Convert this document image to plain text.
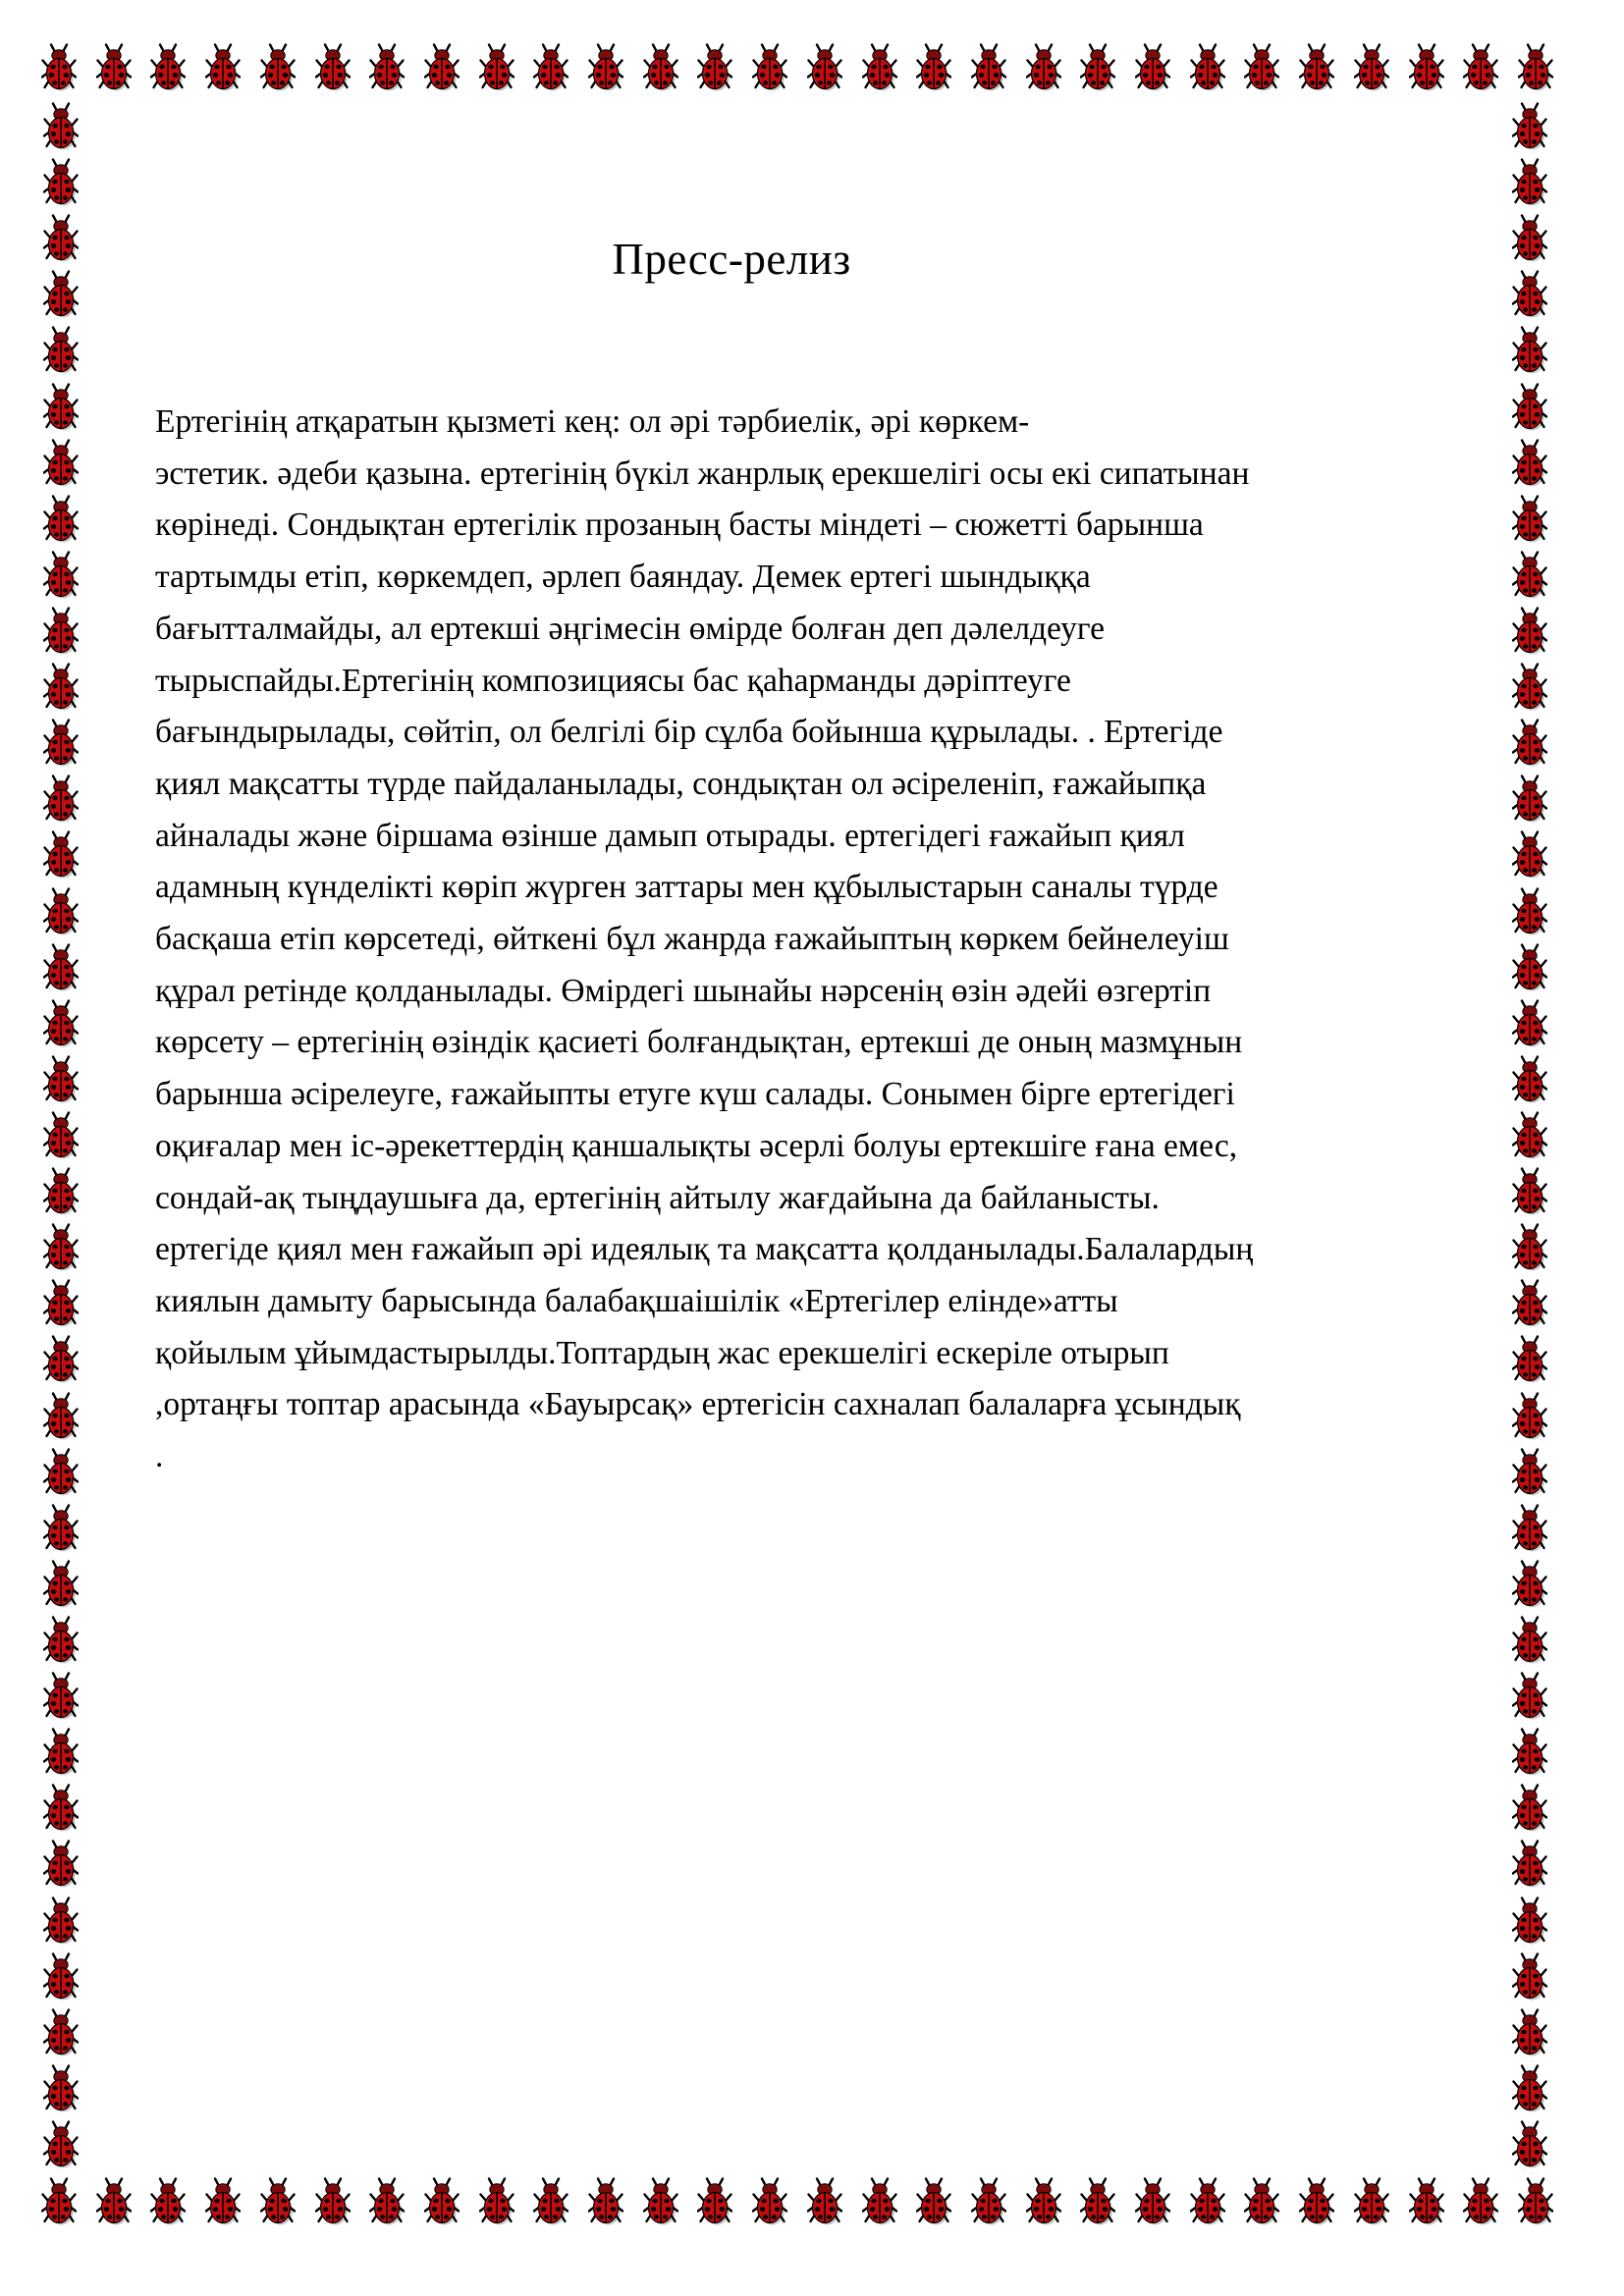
Пресс-релиз
Ертегінің атқаратын қызметі кең: ол әрі тәрбиелік, әрі көркем-
эстетик. әдеби қазына. ертегінің бүкіл жанрлық ерекшелігі осы екі сипатынан
көрінеді. Сондықтан ертегілік прозаның басты міндеті – сюжетті барынша
тартымды етіп, көркемдеп, әрлеп баяндау. Демек ертегі шындыққа
бағытталмайды, ал ертекші әңгімесін өмірде болған деп дәлелдеуге
тырыспайды.Ертегінің композициясы бас қаһарманды дәріптеуге
бағындырылады, сөйтіп, ол белгілі бір сұлба бойынша құрылады. . Ертегіде
қиял мақсатты түрде пайдаланылады, сондықтан ол әсіреленіп, ғажайыпқа
айналады және біршама өзінше дамып отырады. ертегідегі ғажайып қиял
адамның күнделікті көріп жүрген заттары мен құбылыстарын саналы түрде
басқаша етіп көрсетеді, өйткені бұл жанрда ғажайыптың көркем бейнелеуіш
құрал ретінде қолданылады. Өмірдегі шынайы нәрсенің өзін әдейі өзгертіп
көрсету – ертегінің өзіндік қасиеті болғандықтан, ертекші де оның мазмұнын
барынша әсірелеуге, ғажайыпты етуге күш салады. Сонымен бірге ертегідегі
оқиғалар мен іс-әрекеттердің қаншалықты әсерлі болуы ертекшіге ғана емес,
сондай-ақ тыңдаушыға да, ертегінің айтылу жағдайына да байланысты.
ертегіде қиял мен ғажайып әрі идеялық та мақсатта қолданылады.Балалардың
киялын дамыту барысында балабақшаішілік «Ертегілер елінде»атты
қойылым ұйымдастырылды.Топтардың жас ерекшелігі ескеріле отырып
,ортаңғы топтар арасында «Бауырсақ» ертегісін сахналап балаларға ұсындық
.
